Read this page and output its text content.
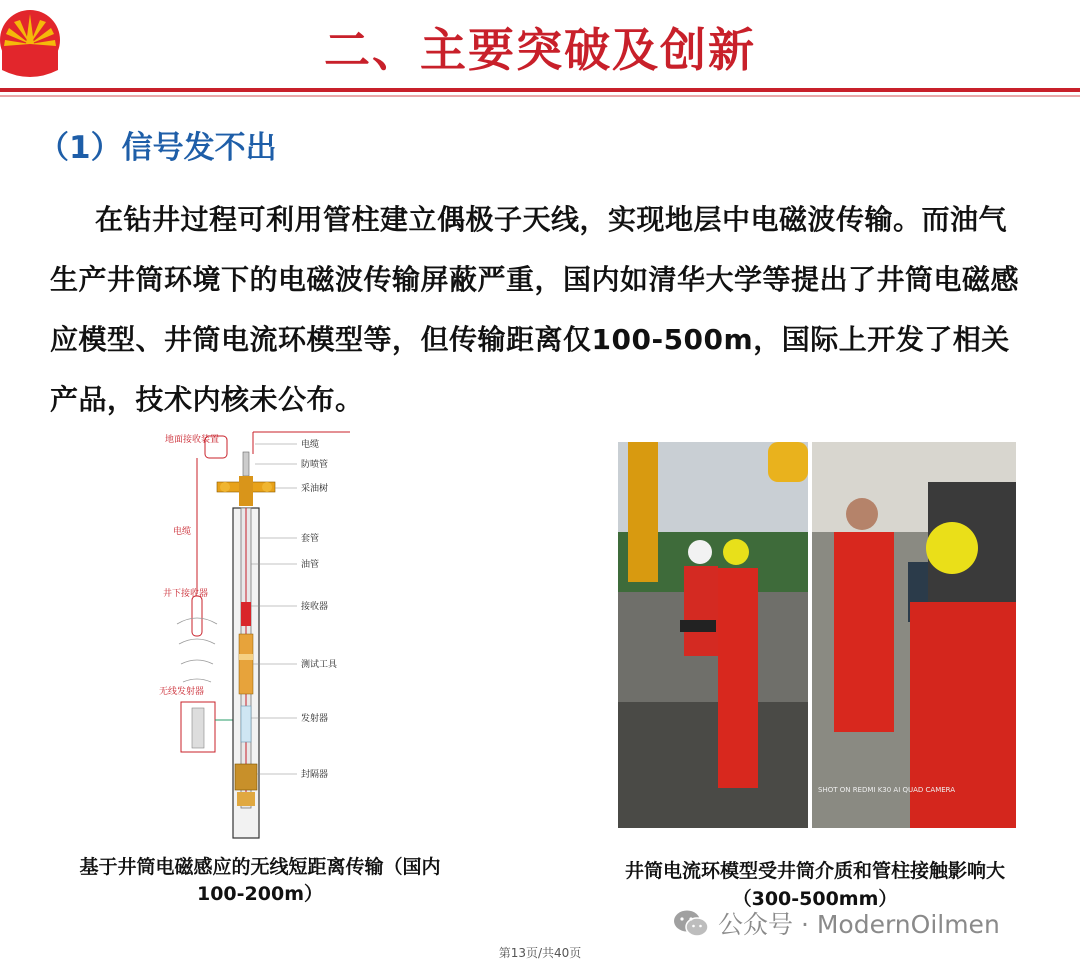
二、主要突破及创新
（1）信号发不出
在钻井过程可利用管柱建立偶极子天线，实现地层中电磁波传输。而油气生产井筒环境下的电磁波传输屏蔽严重，国内如清华大学等提出了井筒电磁感应模型、井筒电流环模型等，但传输距离仅100-500m，国际上开发了相关产品，技术内核未公布。
电缆
防喷管
采油树
套管
油管
接收器
测试工具
发射器
封隔器
地面接收装置
电缆
井下接收器
无线发射器
基于井筒电磁感应的无线短距离传输（国内100-200m）
SHOT ON REDMI K30 AI QUAD CAMERA
井筒电流环模型受井筒介质和管柱接触影响大
（300-500mm）
第13页/共40页
公众号 · ModernOilmen
